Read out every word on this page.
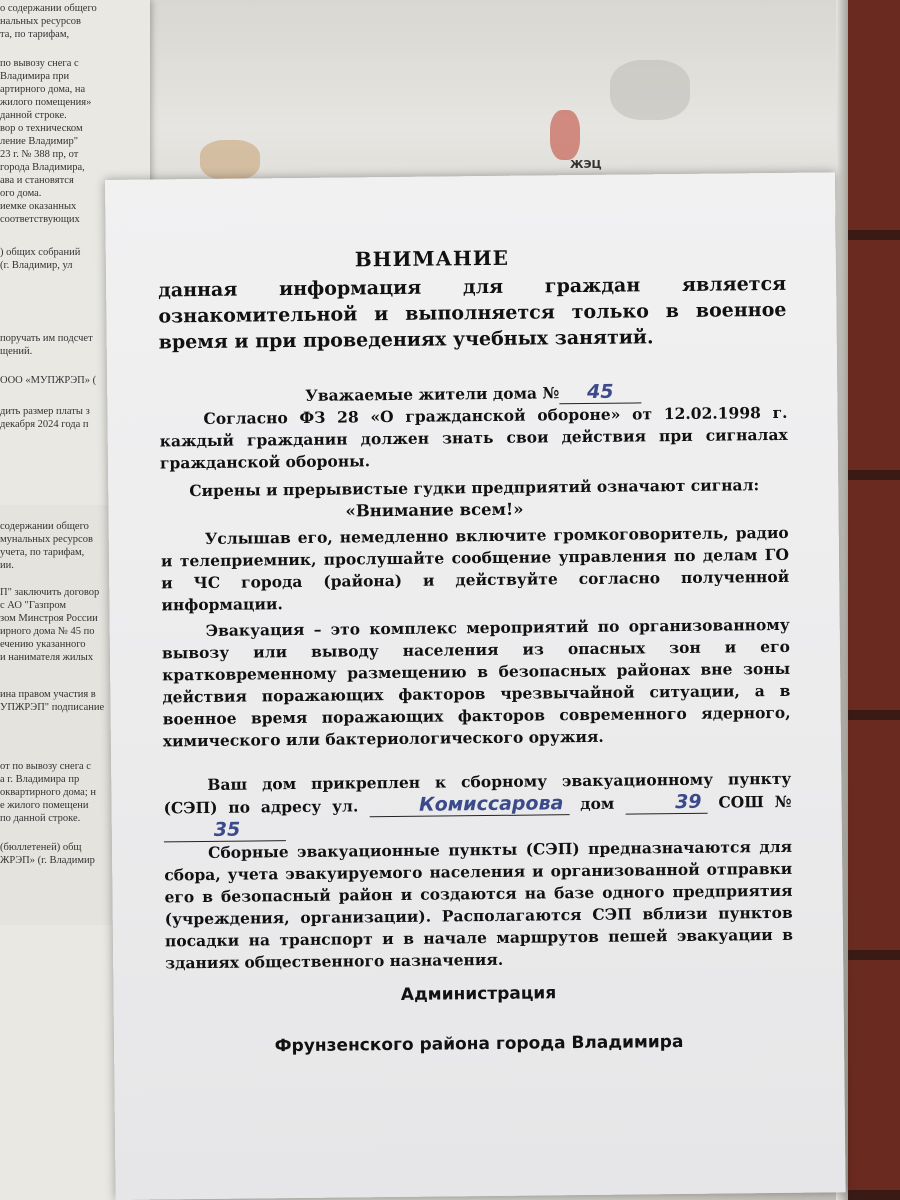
ЖЭЦ
о содержании общего
нальных ресурсов
та, по тарифам,
по вывозу снега с
Владимира при
артирного дома, на
жилого помещения»
данной строке.
вор о техническом
ление Владимир"
23 г. № 388 пр, от
города Владимира,
ава и становятся
ого дома.
иемке оказанных
соответствующих
) общих собраний
(г. Владимир, ул
поручать им подсчет
щений.
ООО «МУПЖРЭП» (
дить размер платы з
декабря 2024 года п
содержании общего
мунальных ресурсов
учета, по тарифам,
ии.
П" заключить договор
с АО "Газпром
зом Минстроя России
ирного дома № 45 по
ечению указанного
и нанимателя жилых
ина правом участия в
УПЖРЭП" подписание
от по вывозу снега с
а г. Владимира пр
оквартирного дома; н
е жилого помещени
по данной строке.
(бюллетеней) общ
ЖРЭП» (г. Владимир
ВНИМАНИЕ
данная информация для граждан является ознакомительной и выполняется только в военное время и при проведениях учебных занятий.
Уважаемые жители дома № 45
Согласно ФЗ 28 «О гражданской обороне» от 12.02.1998 г. каждый гражданин должен знать свои действия при сигналах гражданской обороны.
Сирены и прерывистые гудки предприятий означают сигнал:
«Внимание всем!»
Услышав его, немедленно включите громкоговоритель, радио и телеприемник, прослушайте сообщение управления по делам ГО и ЧС города (района) и действуйте согласно полученной информации.
Эвакуация – это комплекс мероприятий по организованному вывозу или выводу населения из опасных зон и его кратковременному размещению в безопасных районах вне зоны действия поражающих факторов чрезвычайной ситуации, а в военное время поражающих факторов современного ядерного, химического или бактериологического оружия.
Ваш дом прикреплен к сборному эвакуационному пункту (СЭП) по адресу ул.	Комиссарова дом	39 СОШ № 35
Сборные эвакуационные пункты (СЭП) предназначаются для сбора, учета эвакуируемого населения и организованной отправки его в безопасный район и создаются на базе одного предприятия (учреждения, организации). Располагаются СЭП вблизи пунктов посадки на транспорт и в начале маршрутов пешей эвакуации в зданиях общественного назначения.
Администрация
Фрунзенского района города Владимира
